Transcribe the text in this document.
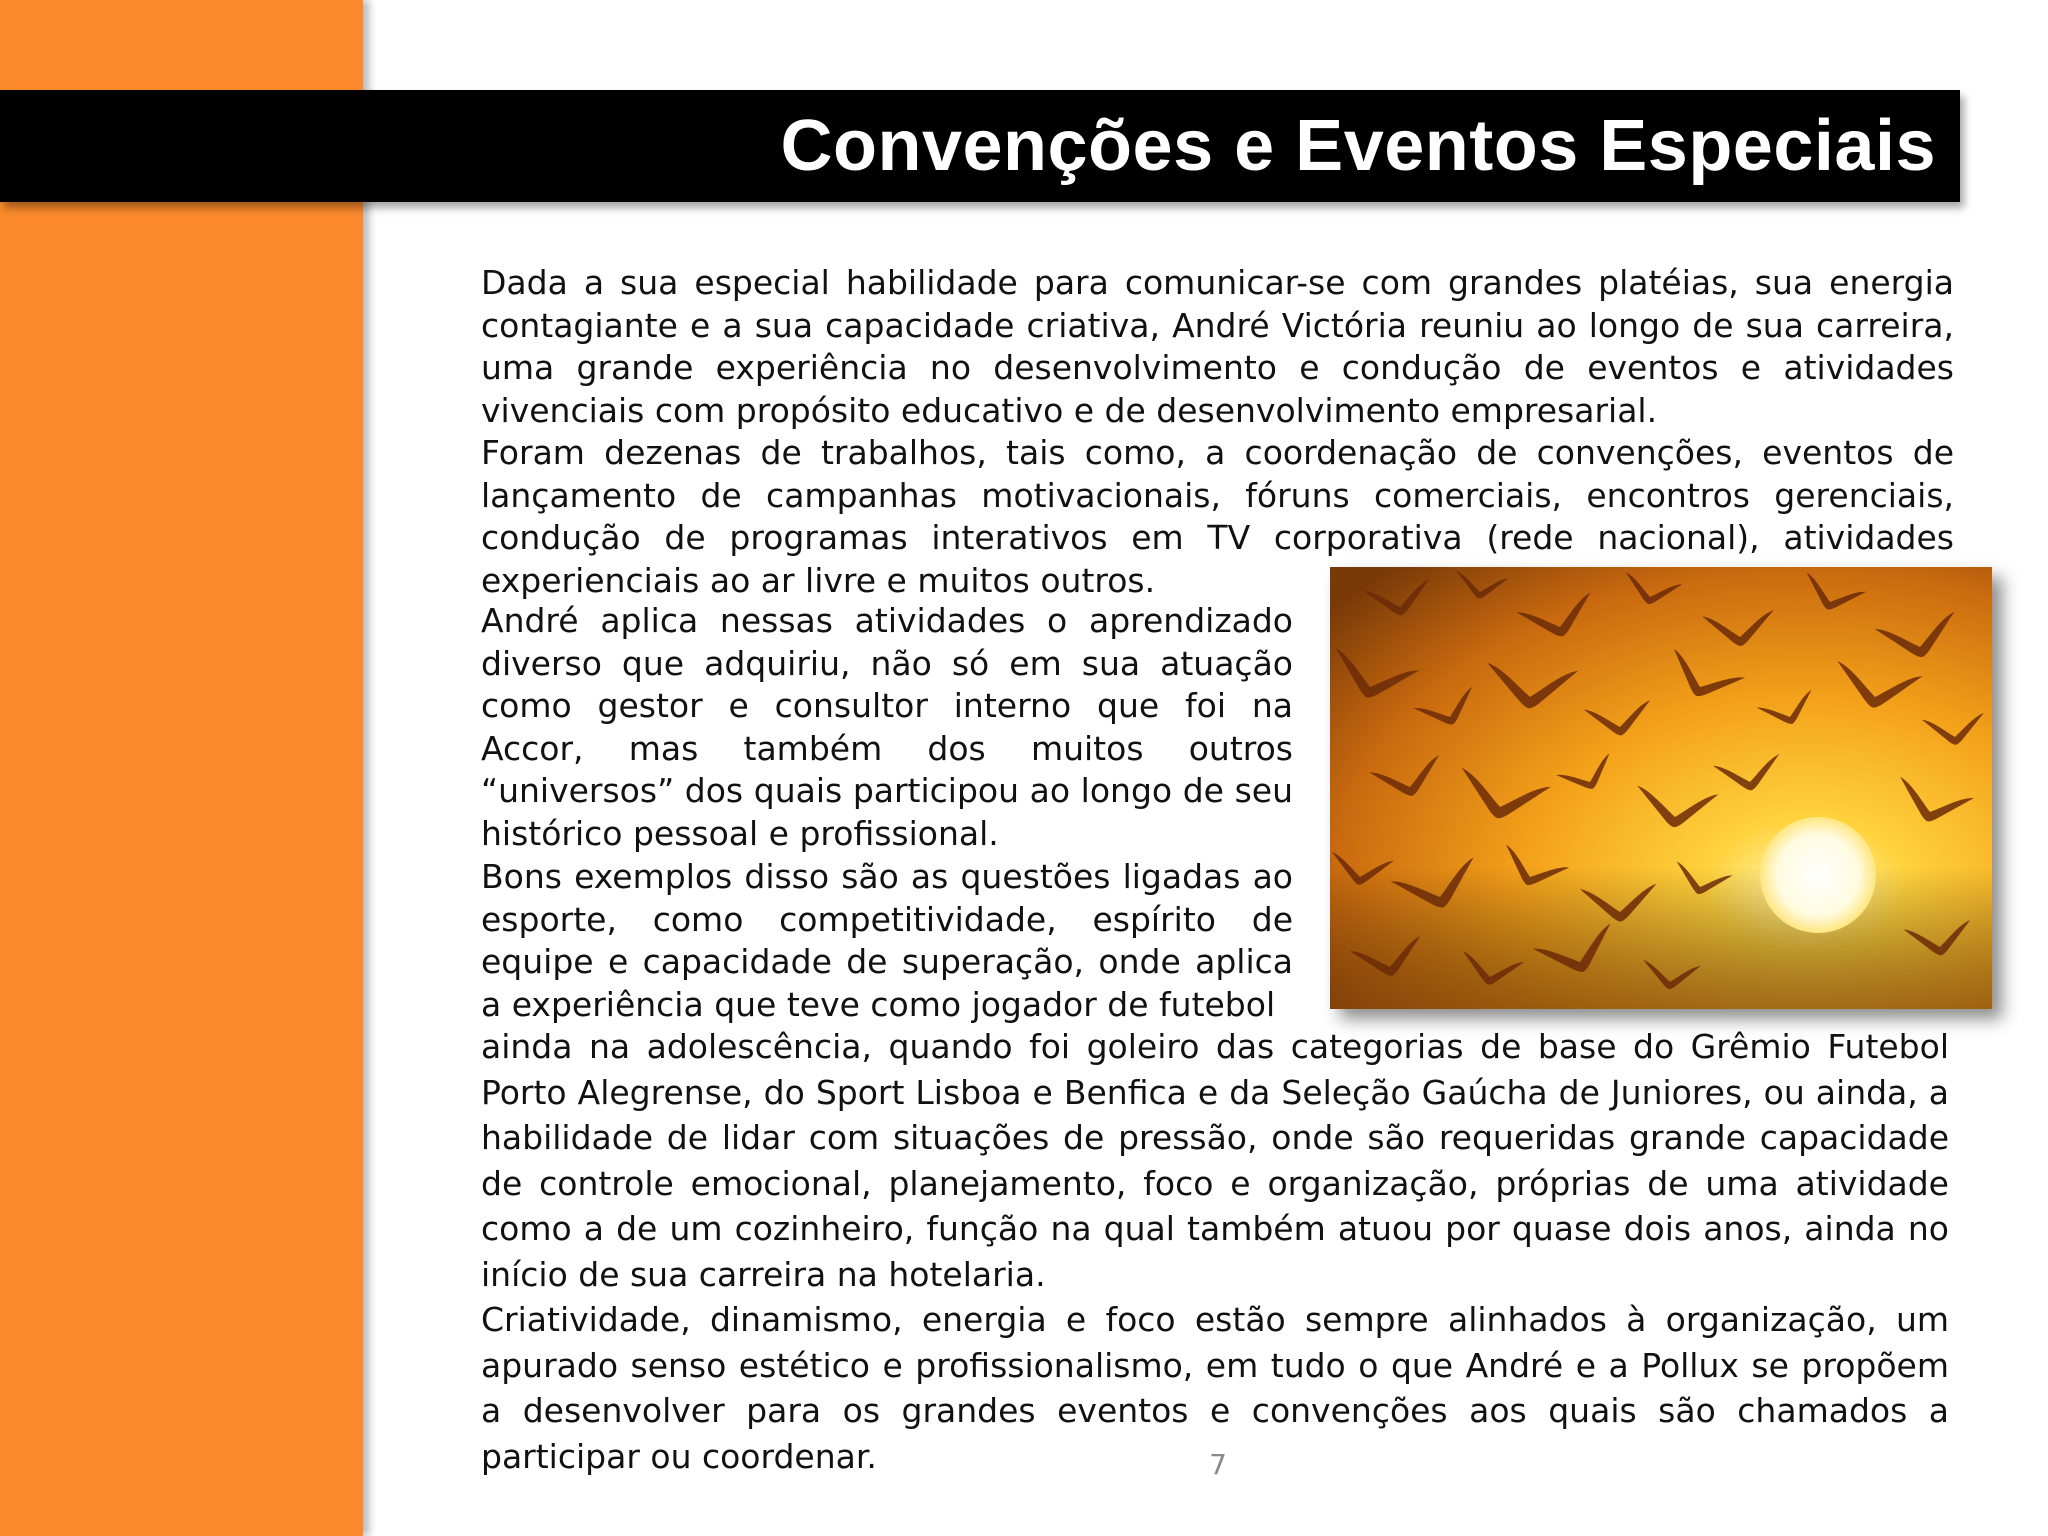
Convenções e Eventos Especiais

Dada a sua especial habilidade para comunicar-se com grandes platéias, sua energia contagiante e a sua capacidade criativa, André Victória reuniu ao longo de sua carreira, uma grande experiência no desenvolvimento e condução de eventos e atividades vivenciais com propósito educativo e de desenvolvimento empresarial.

Foram dezenas de trabalhos, tais como, a coordenação de convenções, eventos de lançamento de campanhas motivacionais, fóruns comerciais, encontros gerenciais, condução de programas interativos em TV corporativa (rede nacional), atividades experienciais ao ar livre e muitos outros.

André aplica nessas atividades o aprendizado diverso que adquiriu, não só em sua atuação como gestor e consultor interno que foi na Accor, mas também dos muitos outros “universos” dos quais participou ao longo de seu histórico pessoal e profissional.

Bons exemplos disso são as questões ligadas ao esporte, como competitividade, espírito de equipe e capacidade de superação, onde aplica a experiência que teve como jogador de futebol

ainda na adolescência, quando foi goleiro das categorias de base do Grêmio Futebol Porto Alegrense, do Sport Lisboa e Benfica e da Seleção Gaúcha de Juniores, ou ainda, a habilidade de lidar com situações de pressão, onde são requeridas grande capacidade de controle emocional, planejamento, foco e organização, próprias de uma atividade como a de um cozinheiro, função na qual também atuou por quase dois anos, ainda no início de sua carreira na hotelaria.

Criatividade, dinamismo, energia e foco estão sempre alinhados à organização, um apurado senso estético e profissionalismo, em tudo o que André e a Pollux se propõem a desenvolver para os grandes eventos e convenções aos quais são chamados a participar ou coordenar.	7
